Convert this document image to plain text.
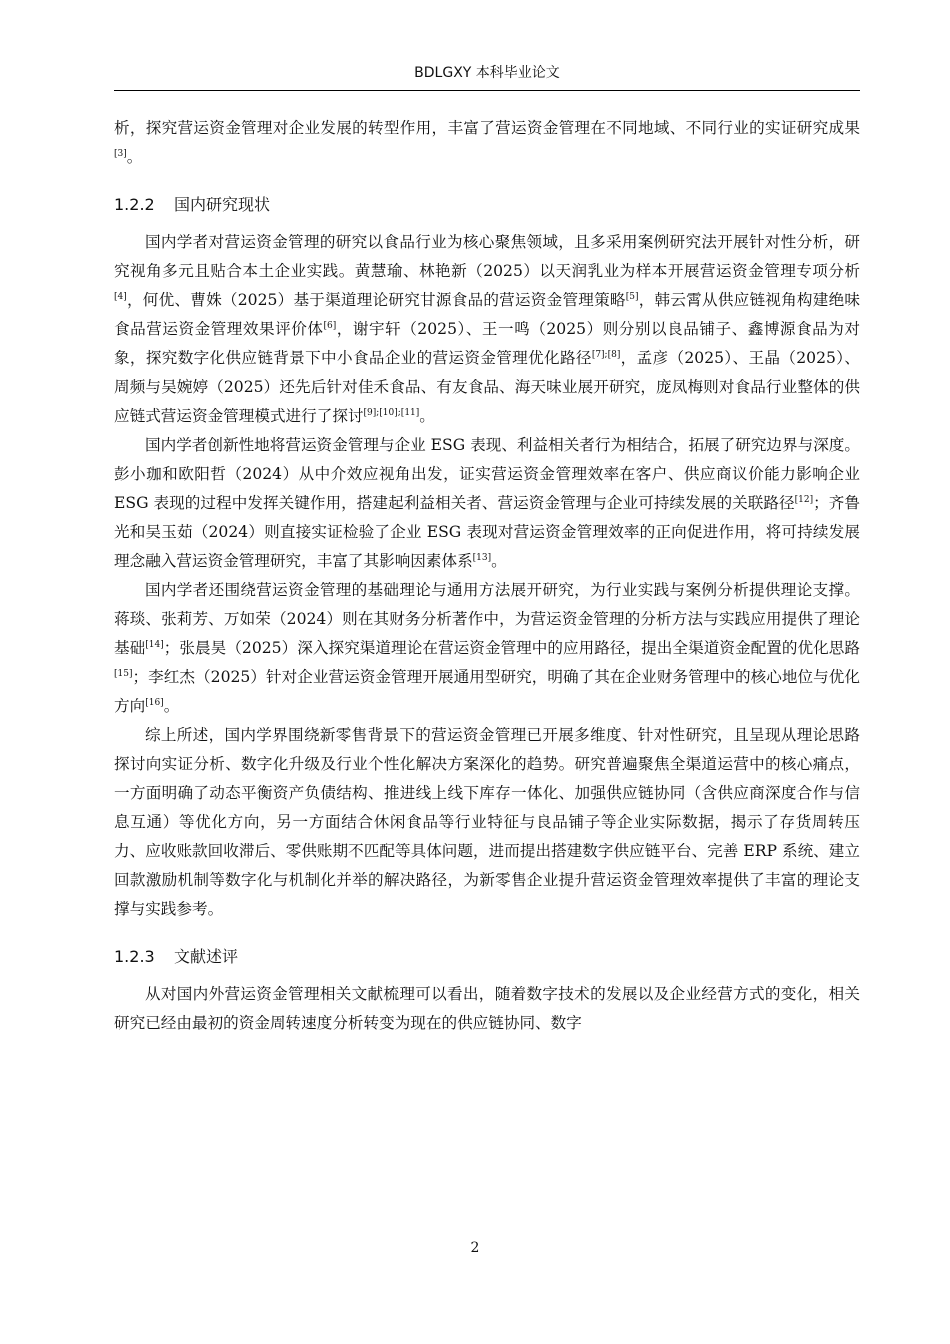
BDLGXY 本科毕业论文

析，探究营运资金管理对企业发展的转型作用，丰富了营运资金管理在不同地域、不同行业的实证研究成果[3]。

1.2.2 国内研究现状

国内学者对营运资金管理的研究以食品行业为核心聚焦领域，且多采用案例研究法开展针对性分析，研究视角多元且贴合本土企业实践。黄慧瑜、林艳新（2025）以天润乳业为样本开展营运资金管理专项分析[4]，何优、曹姝（2025）基于渠道理论研究甘源食品的营运资金管理策略[5]，韩云霄从供应链视角构建绝味食品营运资金管理效果评价体[6]，谢宇轩（2025）、王一鸣（2025）则分别以良品铺子、鑫博源食品为对象，探究数字化供应链背景下中小食品企业的营运资金管理优化路径[7];[8]，孟彦（2025）、王晶（2025）、周频与吴婉婷（2025）还先后针对佳禾食品、有友食品、海天味业展开研究，庞凤梅则对食品行业整体的供应链式营运资金管理模式进行了探讨[9];[10];[11]。

国内学者创新性地将营运资金管理与企业 ESG 表现、利益相关者行为相结合，拓展了研究边界与深度。彭小珈和欧阳哲（2024）从中介效应视角出发，证实营运资金管理效率在客户、供应商议价能力影响企业 ESG 表现的过程中发挥关键作用，搭建起利益相关者、营运资金管理与企业可持续发展的关联路径[12]；齐鲁光和吴玉茹（2024）则直接实证检验了企业 ESG 表现对营运资金管理效率的正向促进作用，将可持续发展理念融入营运资金管理研究，丰富了其影响因素体系[13]。

国内学者还围绕营运资金管理的基础理论与通用方法展开研究，为行业实践与案例分析提供理论支撑。蒋琰、张莉芳、万如荣（2024）则在其财务分析著作中，为营运资金管理的分析方法与实践应用提供了理论基础[14]；张晨昊（2025）深入探究渠道理论在营运资金管理中的应用路径，提出全渠道资金配置的优化思路[15]；李红杰（2025）针对企业营运资金管理开展通用型研究，明确了其在企业财务管理中的核心地位与优化方向[16]。

综上所述，国内学界围绕新零售背景下的营运资金管理已开展多维度、针对性研究，且呈现从理论思路探讨向实证分析、数字化升级及行业个性化解决方案深化的趋势。研究普遍聚焦全渠道运营中的核心痛点，一方面明确了动态平衡资产负债结构、推进线上线下库存一体化、加强供应链协同（含供应商深度合作与信息互通）等优化方向，另一方面结合休闲食品等行业特征与良品铺子等企业实际数据，揭示了存货周转压力、应收账款回收滞后、零供账期不匹配等具体问题，进而提出搭建数字供应链平台、完善 ERP 系统、建立回款激励机制等数字化与机制化并举的解决路径，为新零售企业提升营运资金管理效率提供了丰富的理论支撑与实践参考。

1.2.3 文献述评

从对国内外营运资金管理相关文献梳理可以看出，随着数字技术的发展以及企业经营方式的变化，相关研究已经由最初的资金周转速度分析转变为现在的供应链协同、数字

2
